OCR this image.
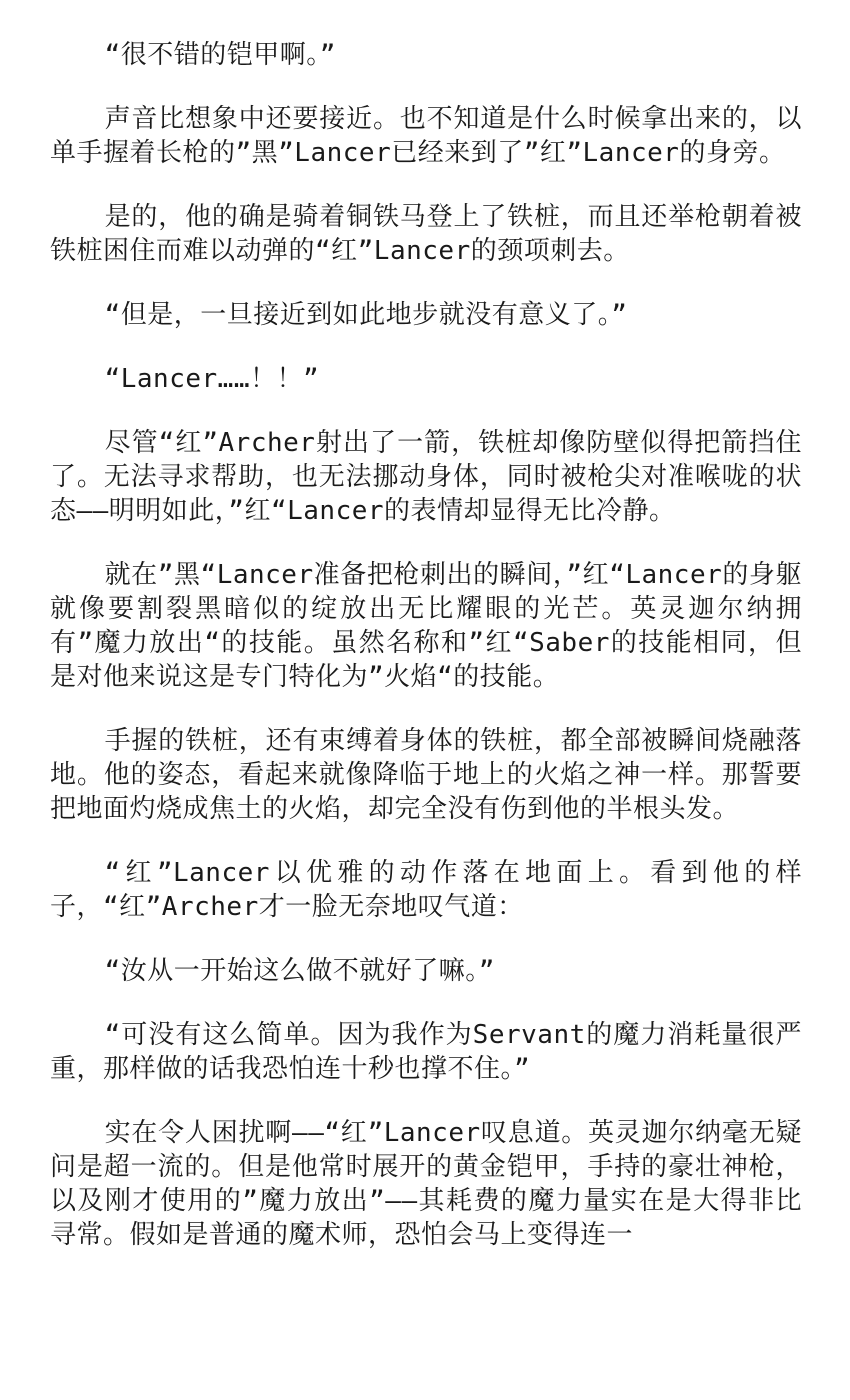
“很不错的铠甲啊。”

声音比想象中还要接近。也不知道是什么时候拿出来的，以单手握着长枪的”黑”Lancer已经来到了”红”Lancer的身旁。

是的，他的确是骑着铜铁马登上了铁桩，而且还举枪朝着被铁桩困住而难以动弹的“红”Lancer的颈项刺去。

“但是，一旦接近到如此地步就没有意义了。”

“Lancer……！！”

尽管“红”Archer射出了一箭，铁桩却像防壁似得把箭挡住了。无法寻求帮助，也无法挪动身体，同时被枪尖对准喉咙的状态——明明如此，”红“Lancer的表情却显得无比冷静。

就在”黑“Lancer准备把枪刺出的瞬间，”红“Lancer的身躯就像要割裂黑暗似的绽放出无比耀眼的光芒。英灵迦尔纳拥有”魔力放出“的技能。虽然名称和”红“Saber的技能相同，但是对他来说这是专门特化为”火焰“的技能。

手握的铁桩，还有束缚着身体的铁桩，都全部被瞬间烧融落地。他的姿态，看起来就像降临于地上的火焰之神一样。那誓要把地面灼烧成焦土的火焰，却完全没有伤到他的半根头发。

“红”Lancer以优雅的动作落在地面上。看到他的样子，“红”Archer才一脸无奈地叹气道：

“汝从一开始这么做不就好了嘛。”

“可没有这么简单。因为我作为Servant的魔力消耗量很严重，那样做的话我恐怕连十秒也撑不住。”

实在令人困扰啊——“红”Lancer叹息道。英灵迦尔纳毫无疑问是超一流的。但是他常时展开的黄金铠甲，手持的豪壮神枪，以及刚才使用的”魔力放出”——其耗费的魔力量实在是大得非比寻常。假如是普通的魔术师，恐怕会马上变得连一
